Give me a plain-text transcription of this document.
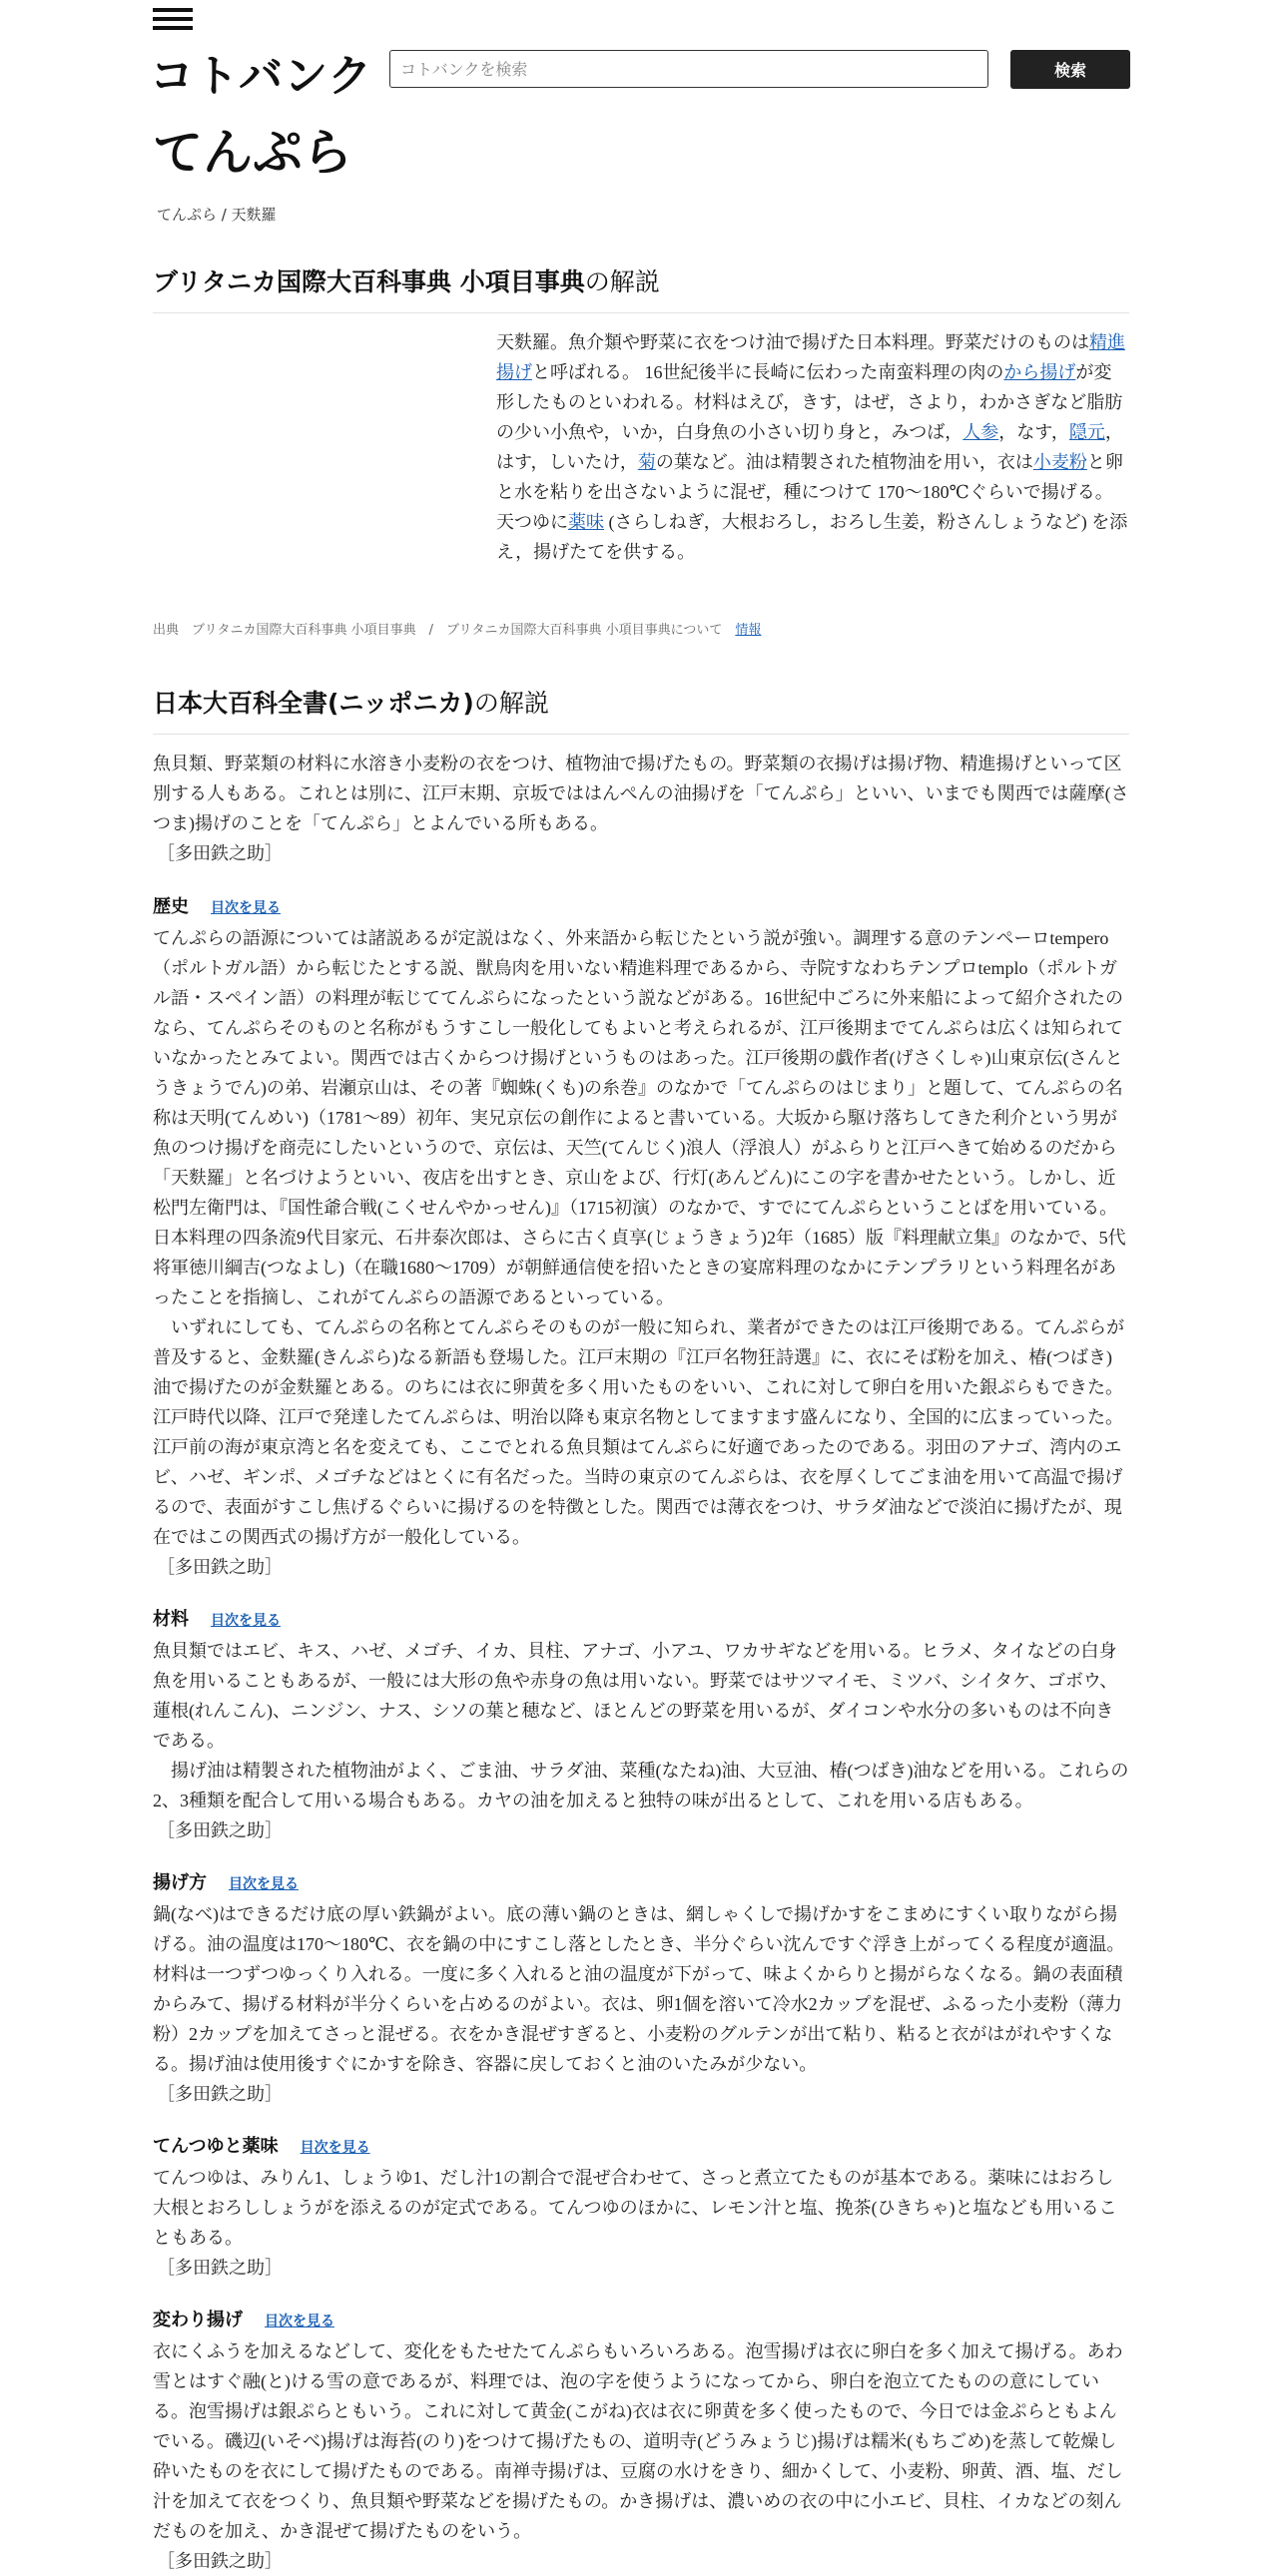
コトバンク
コトバンクを検索	検索
てんぷら
てんぷら / 天麩羅
ブリタニカ国際大百科事典 小項目事典の解説

天麩羅。魚介類や野菜に衣をつけ油で揚げた日本料理。野菜だけのものは精進揚げと呼ばれる。 16世紀後半に長崎に伝わった南蛮料理の肉のから揚げが変形したものといわれる。材料はえび，きす，はぜ，さより，わかさぎなど脂肪の少い小魚や，いか，白身魚の小さい切り身と，みつば，人参，なす，隠元，はす，しいたけ，菊の葉など。油は精製された植物油を用い，衣は小麦粉と卵と水を粘りを出さないように混ぜ，種につけて 170～180℃ぐらいで揚げる。天つゆに薬味 (さらしねぎ，大根おろし，おろし生姜，粉さんしょうなど) を添え，揚げたてを供する。

出典　ブリタニカ国際大百科事典 小項目事典　/　ブリタニカ国際大百科事典 小項目事典について　情報
日本大百科全書(ニッポニカ)の解説

魚貝類、野菜類の材料に水溶き小麦粉の衣をつけ、植物油で揚げたもの。野菜類の衣揚げは揚げ物、精進揚げといって区別する人もある。これとは別に、江戸末期、京坂でははんぺんの油揚げを「てんぷら」といい、いまでも関西では薩摩(さつま)揚げのことを「てんぷら」とよんでいる所もある。

［多田鉄之助］

歴史 目次を見る

てんぷらの語源については諸説あるが定説はなく、外来語から転じたという説が強い。調理する意のテンペーロtempero（ポルトガル語）から転じたとする説、獣鳥肉を用いない精進料理であるから、寺院すなわちテンプロtemplo（ポルトガル語・スペイン語）の料理が転じててんぷらになったという説などがある。16世紀中ごろに外来船によって紹介されたのなら、てんぷらそのものと名称がもうすこし一般化してもよいと考えられるが、江戸後期までてんぷらは広くは知られていなかったとみてよい。関西では古くからつけ揚げというものはあった。江戸後期の戯作者(げさくしゃ)山東京伝(さんとうきょうでん)の弟、岩瀬京山は、その著『蜘蛛(くも)の糸巻』のなかで「てんぷらのはじまり」と題して、てんぷらの名称は天明(てんめい)（1781～89）初年、実兄京伝の創作によると書いている。大坂から駆け落ちしてきた利介という男が魚のつけ揚げを商売にしたいというので、京伝は、天竺(てんじく)浪人（浮浪人）がふらりと江戸へきて始めるのだから「天麩羅」と名づけようといい、夜店を出すとき、京山をよび、行灯(あんどん)にこの字を書かせたという。しかし、近松門左衛門は、『国性爺合戦(こくせんやかっせん)』（1715初演）のなかで、すでにてんぷらということばを用いている。日本料理の四条流9代目家元、石井泰次郎は、さらに古く貞享(じょうきょう)2年（1685）版『料理献立集』のなかで、5代将軍徳川綱吉(つなよし)（在職1680～1709）が朝鮮通信使を招いたときの宴席料理のなかにテンプラリという料理名があったことを指摘し、これがてんぷらの語源であるといっている。

いずれにしても、てんぷらの名称とてんぷらそのものが一般に知られ、業者ができたのは江戸後期である。てんぷらが普及すると、金麩羅(きんぷら)なる新語も登場した。江戸末期の『江戸名物狂詩選』に、衣にそば粉を加え、椿(つばき)油で揚げたのが金麩羅とある。のちには衣に卵黄を多く用いたものをいい、これに対して卵白を用いた銀ぷらもできた。江戸時代以降、江戸で発達したてんぷらは、明治以降も東京名物としてますます盛んになり、全国的に広まっていった。江戸前の海が東京湾と名を変えても、ここでとれる魚貝類はてんぷらに好適であったのである。羽田のアナゴ、湾内のエビ、ハゼ、ギンポ、メゴチなどはとくに有名だった。当時の東京のてんぷらは、衣を厚くしてごま油を用いて高温で揚げるので、表面がすこし焦げるぐらいに揚げるのを特徴とした。関西では薄衣をつけ、サラダ油などで淡泊に揚げたが、現在ではこの関西式の揚げ方が一般化している。

［多田鉄之助］

材料 目次を見る

魚貝類ではエビ、キス、ハゼ、メゴチ、イカ、貝柱、アナゴ、小アユ、ワカサギなどを用いる。ヒラメ、タイなどの白身魚を用いることもあるが、一般には大形の魚や赤身の魚は用いない。野菜ではサツマイモ、ミツバ、シイタケ、ゴボウ、蓮根(れんこん)、ニンジン、ナス、シソの葉と穂など、ほとんどの野菜を用いるが、ダイコンや水分の多いものは不向きである。

揚げ油は精製された植物油がよく、ごま油、サラダ油、菜種(なたね)油、大豆油、椿(つばき)油などを用いる。これらの2、3種類を配合して用いる場合もある。カヤの油を加えると独特の味が出るとして、これを用いる店もある。

［多田鉄之助］

揚げ方 目次を見る

鍋(なべ)はできるだけ底の厚い鉄鍋がよい。底の薄い鍋のときは、網しゃくしで揚げかすをこまめにすくい取りながら揚げる。油の温度は170～180℃、衣を鍋の中にすこし落としたとき、半分ぐらい沈んですぐ浮き上がってくる程度が適温。材料は一つずつゆっくり入れる。一度に多く入れると油の温度が下がって、味よくからりと揚がらなくなる。鍋の表面積からみて、揚げる材料が半分くらいを占めるのがよい。衣は、卵1個を溶いて冷水2カップを混ぜ、ふるった小麦粉（薄力粉）2カップを加えてさっと混ぜる。衣をかき混ぜすぎると、小麦粉のグルテンが出て粘り、粘ると衣がはがれやすくなる。揚げ油は使用後すぐにかすを除き、容器に戻しておくと油のいたみが少ない。

［多田鉄之助］

てんつゆと薬味 目次を見る

てんつゆは、みりん1、しょうゆ1、だし汁1の割合で混ぜ合わせて、さっと煮立てたものが基本である。薬味にはおろし大根とおろししょうがを添えるのが定式である。てんつゆのほかに、レモン汁と塩、挽茶(ひきちゃ)と塩なども用いることもある。

［多田鉄之助］

変わり揚げ 目次を見る

衣にくふうを加えるなどして、変化をもたせたてんぷらもいろいろある。泡雪揚げは衣に卵白を多く加えて揚げる。あわ雪とはすぐ融(と)ける雪の意であるが、料理では、泡の字を使うようになってから、卵白を泡立てたものの意にしている。泡雪揚げは銀ぷらともいう。これに対して黄金(こがね)衣は衣に卵黄を多く使ったもので、今日では金ぷらともよんでいる。磯辺(いそべ)揚げは海苔(のり)をつけて揚げたもの、道明寺(どうみょうじ)揚げは糯米(もちごめ)を蒸して乾燥し砕いたものを衣にして揚げたものである。南禅寺揚げは、豆腐の水けをきり、細かくして、小麦粉、卵黄、酒、塩、だし汁を加えて衣をつくり、魚貝類や野菜などを揚げたもの。かき揚げは、濃いめの衣の中に小エビ、貝柱、イカなどの刻んだものを加え、かき混ぜて揚げたものをいう。

［多田鉄之助］
